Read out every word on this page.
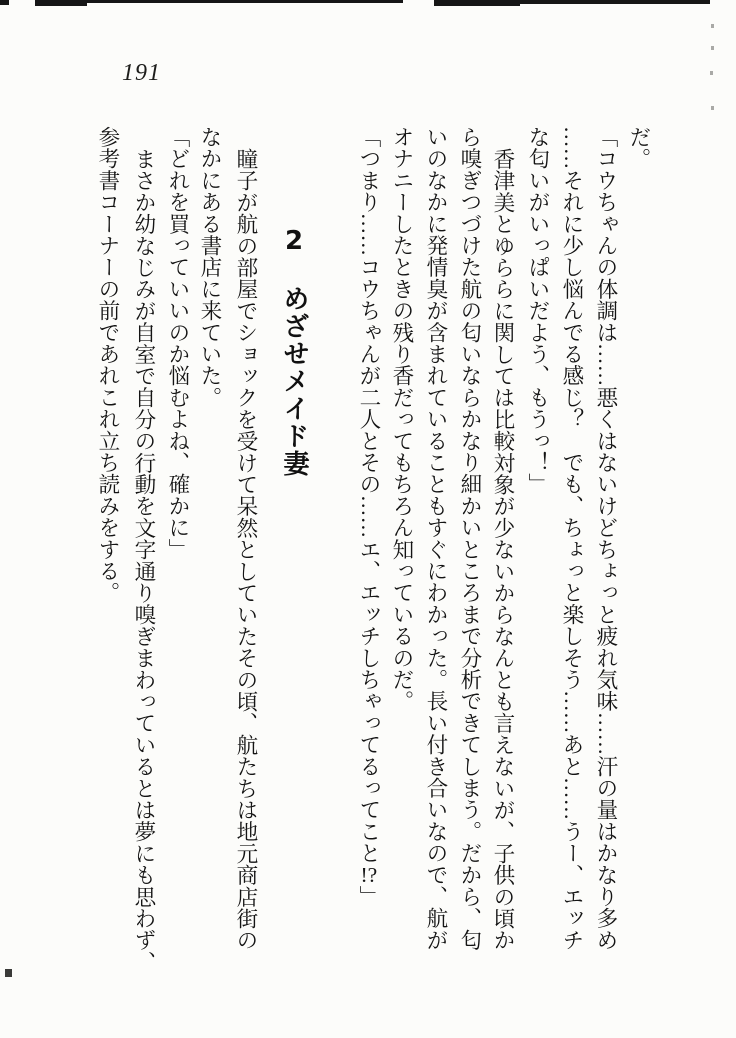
191
だ。
「コウちゃんの体調は……悪くはないけどちょっと疲れ気味……汗の量はかなり多め
……それに少し悩んでる感じ？　でも、ちょっと楽しそう……あと……うー、エッチ
な匂いがいっぱいだよう、もうっ！」
香津美とゆららに関しては比較対象が少ないからなんとも言えないが、子供の頃か
ら嗅ぎつづけた航の匂いならかなり細かいところまで分析できてしまう。だから、匂
いのなかに発情臭が含まれていることもすぐにわかった。長い付き合いなので、航が
オナニーしたときの残り香だってもちろん知っているのだ。
「つまり……コウちゃんが二人とその……エ、エッチしちゃってるってこと!?」
2　めざせメイド妻
瞳子が航の部屋でショックを受けて呆然としていたその頃、航たちは地元商店街の
なかにある書店に来ていた。
「どれを買っていいのか悩むよね、確かに」
まさか幼なじみが自室で自分の行動を文字通り嗅ぎまわっているとは夢にも思わず、
参考書コーナーの前であれこれ立ち読みをする。
